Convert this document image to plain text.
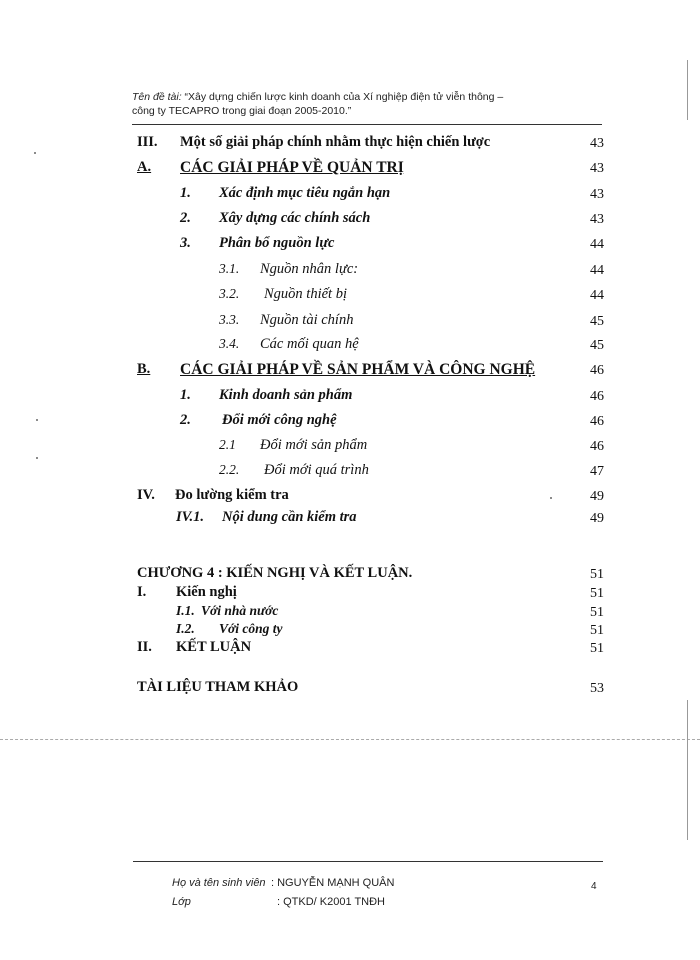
Tên đề tài: “Xây dựng chiến lược kinh doanh của Xí nghiệp điện tử viễn thông –
công ty TECAPRO trong giai đoạn 2005-2010.”
III. Một số giải pháp chính nhằm thực hiện chiến lược	43
A. CÁC GIẢI PHÁP VỀ QUẢN TRỊ	43
1. Xác định mục tiêu ngắn hạn	43
2. Xây dựng các chính sách	43
3. Phân bổ nguồn lực	44
3.1. Nguồn nhân lực:	44
3.2. Nguồn thiết bị	44
3.3. Nguồn tài chính	45
3.4. Các mối quan hệ	45
B. CÁC GIẢI PHÁP VỀ SẢN PHẨM VÀ CÔNG NGHỆ	46
1. Kinh doanh sản phẩm	46
2. Đổi mới công nghệ	46
2.1 Đổi mới sản phẩm	46
2.2. Đổi mới quá trình	47
IV. Đo lường kiểm tra	49
IV.1. Nội dung cần kiểm tra	49
CHƯƠNG 4 : KIẾN NGHỊ VÀ KẾT LUẬN.	51
I. Kiến nghị	51
I.1. Với nhà nước	51
I.2. Với công ty	51
II. KẾT LUẬN	51
TÀI LIỆU THAM KHẢO	53
Họ và tên sinh viên : NGUYỄN MẠNH QUÂN	4
Lớp	: QTKD/ K2001 TNĐH
